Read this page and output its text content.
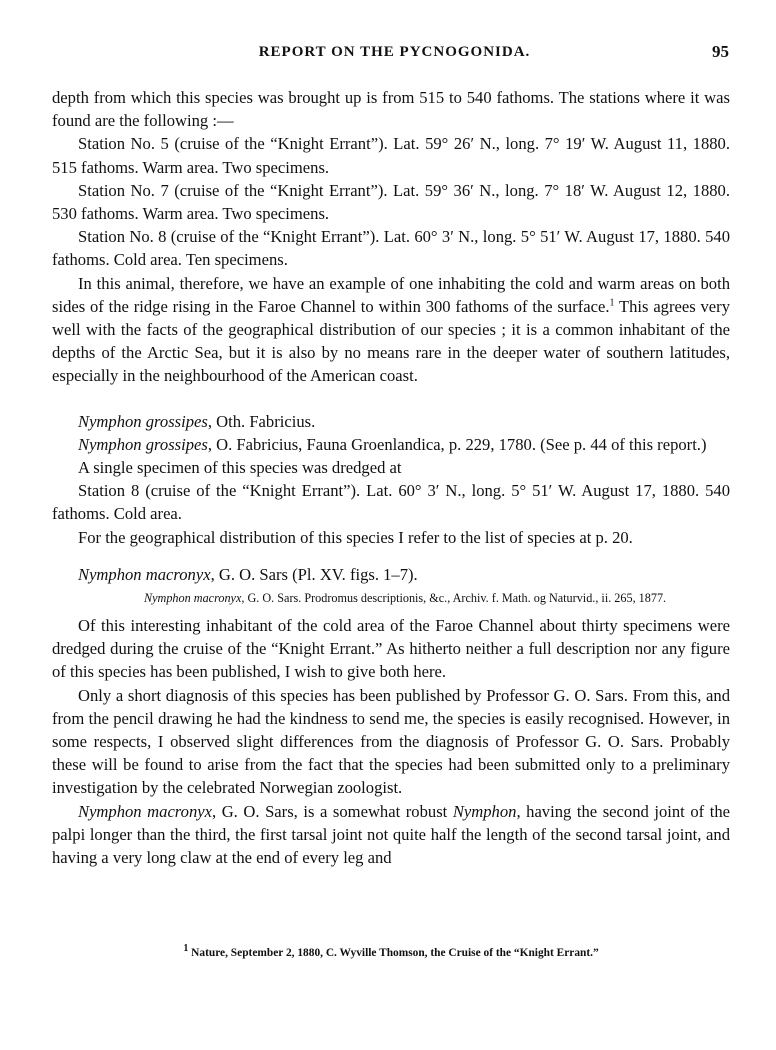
REPORT ON THE PYCNOGONIDA.	95

depth from which this species was brought up is from 515 to 540 fathoms. The stations where it was found are the following :—

Station No. 5 (cruise of the “Knight Errant”). Lat. 59° 26′ N., long. 7° 19′ W. August 11, 1880. 515 fathoms. Warm area. Two specimens.

Station No. 7 (cruise of the “Knight Errant”). Lat. 59° 36′ N., long. 7° 18′ W. August 12, 1880. 530 fathoms. Warm area. Two specimens.

Station No. 8 (cruise of the “Knight Errant”). Lat. 60° 3′ N., long. 5° 51′ W. August 17, 1880. 540 fathoms. Cold area. Ten specimens.

In this animal, therefore, we have an example of one inhabiting the cold and warm areas on both sides of the ridge rising in the Faroe Channel to within 300 fathoms of the surface.$^1$ This agrees very well with the facts of the geographical distribution of our species ; it is a common inhabitant of the depths of the Arctic Sea, but it is also by no means rare in the deeper water of southern latitudes, especially in the neighbourhood of the American coast.

Nymphon grossipes, Oth. Fabricius.

Nymphon grossipes, O. Fabricius, Fauna Groenlandica, p. 229, 1780. (See p. 44 of this report.)

A single specimen of this species was dredged at

Station 8 (cruise of the “Knight Errant”). Lat. 60° 3′ N., long. 5° 51′ W. August 17, 1880. 540 fathoms. Cold area.

For the geographical distribution of this species I refer to the list of species at p. 20.

Nymphon macronyx, G. O. Sars (Pl. XV. figs. 1–7).

Nymphon macronyx, G. O. Sars. Prodromus descriptionis, &c., Archiv. f. Math. og Naturvid., ii. 265, 1877.

Of this interesting inhabitant of the cold area of the Faroe Channel about thirty specimens were dredged during the cruise of the “Knight Errant.” As hitherto neither a full description nor any figure of this species has been published, I wish to give both here.

Only a short diagnosis of this species has been published by Professor G. O. Sars. From this, and from the pencil drawing he had the kindness to send me, the species is easily recognised. However, in some respects, I observed slight differences from the diagnosis of Professor G. O. Sars. Probably these will be found to arise from the fact that the species had been submitted only to a preliminary investigation by the celebrated Norwegian zoologist.

Nymphon macronyx, G. O. Sars, is a somewhat robust Nymphon, having the second joint of the palpi longer than the third, the first tarsal joint not quite half the length of the second tarsal joint, and having a very long claw at the end of every leg and

$^1$ Nature, September 2, 1880, C. Wyville Thomson, the Cruise of the “Knight Errant.”
